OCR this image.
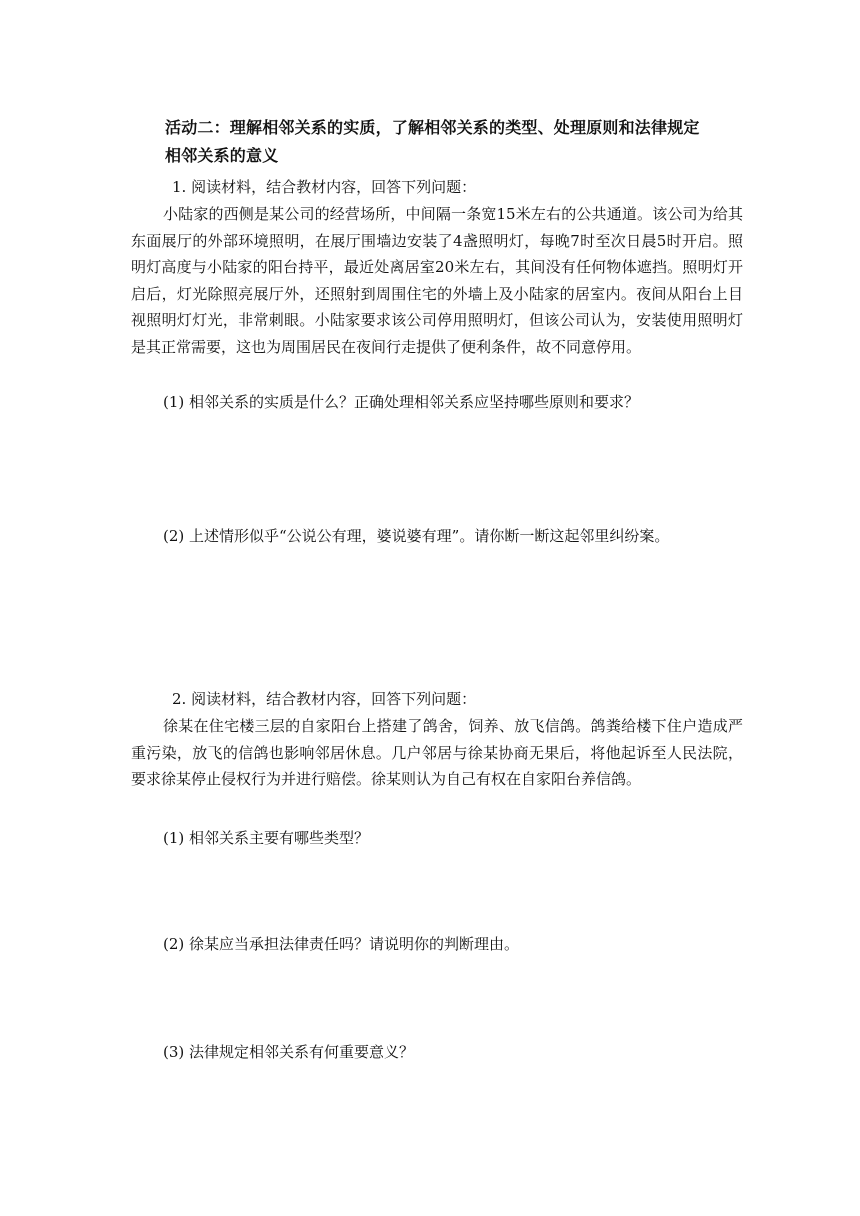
活动二：理解相邻关系的实质，了解相邻关系的类型、处理原则和法律规定
相邻关系的意义
1. 阅读材料，结合教材内容，回答下列问题：

小陆家的西侧是某公司的经营场所，中间隔一条宽15米左右的公共通道。该公司为给其东面展厅的外部环境照明，在展厅围墙边安装了4盏照明灯，每晚7时至次日晨5时开启。照明灯高度与小陆家的阳台持平，最近处离居室20米左右，其间没有任何物体遮挡。照明灯开启后，灯光除照亮展厅外，还照射到周围住宅的外墙上及小陆家的居室内。夜间从阳台上目视照明灯灯光，非常刺眼。小陆家要求该公司停用照明灯，但该公司认为，安装使用照明灯是其正常需要，这也为周围居民在夜间行走提供了便利条件，故不同意停用。

(1) 相邻关系的实质是什么？正确处理相邻关系应坚持哪些原则和要求？

(2) 上述情形似乎“公说公有理，婆说婆有理”。请你断一断这起邻里纠纷案。

2. 阅读材料，结合教材内容，回答下列问题：

徐某在住宅楼三层的自家阳台上搭建了鸽舍，饲养、放飞信鸽。鸽粪给楼下住户造成严重污染，放飞的信鸽也影响邻居休息。几户邻居与徐某协商无果后，将他起诉至人民法院，要求徐某停止侵权行为并进行赔偿。徐某则认为自己有权在自家阳台养信鸽。

(1) 相邻关系主要有哪些类型？
(2) 徐某应当承担法律责任吗？请说明你的判断理由。
(3) 法律规定相邻关系有何重要意义？
